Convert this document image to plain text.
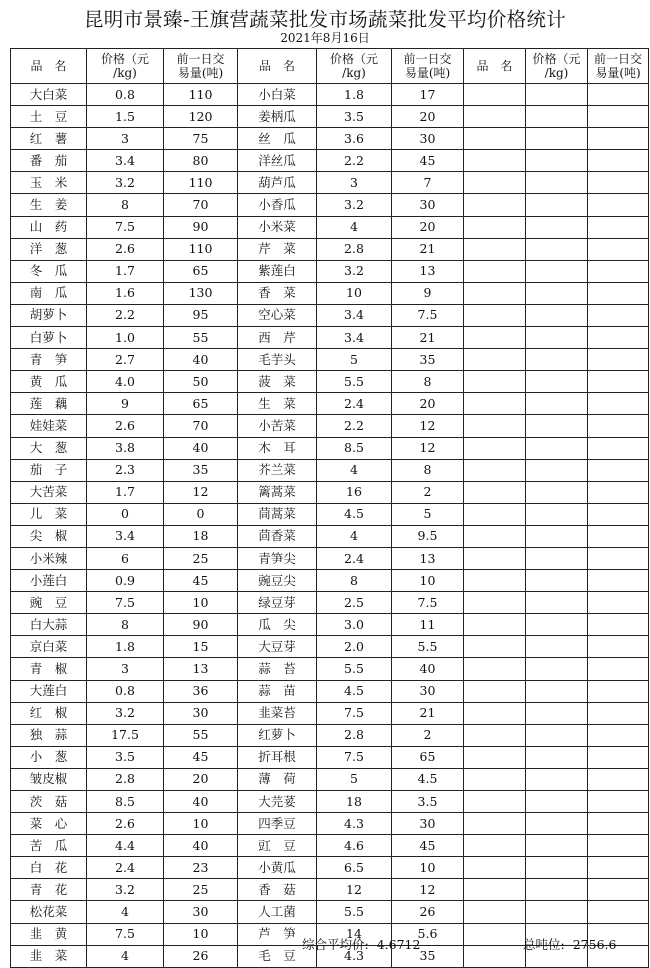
昆明市景臻-王旗营蔬菜批发市场蔬菜批发平均价格统计
2021年8月16日
品　名	价格（元
/kg)	前一日交
易量(吨)	品　名	价格（元
/kg)	前一日交
易量(吨)	品　名	价格（元
/kg)	前一日交
易量(吨)
大白菜	0.8	110	小白菜	1.8	17			
土　豆	1.5	120	姜柄瓜	3.5	20			
红　薯	3	75	丝　瓜	3.6	30			
番　茄	3.4	80	洋丝瓜	2.2	45			
玉　米	3.2	110	葫芦瓜	3	7			
生　姜	8	70	小香瓜	3.2	30			
山　药	7.5	90	小米菜	4	20			
洋　葱	2.6	110	芹　菜	2.8	21			
冬　瓜	1.7	65	紫莲白	3.2	13			
南　瓜	1.6	130	香　菜	10	9			
胡萝卜	2.2	95	空心菜	3.4	7.5			
白萝卜	1.0	55	西　芹	3.4	21			
青　笋	2.7	40	毛芋头	5	35			
黄　瓜	4.0	50	菠　菜	5.5	8			
莲　藕	9	65	生　菜	2.4	20			
娃娃菜	2.6	70	小苦菜	2.2	12			
大　葱	3.8	40	木　耳	8.5	12			
茄　子	2.3	35	芥兰菜	4	8			
大苦菜	1.7	12	篱蒿菜	16	2			
儿　菜	0	0	茼蒿菜	4.5	5			
尖　椒	3.4	18	茴香菜	4	9.5			
小米辣	6	25	青笋尖	2.4	13			
小莲白	0.9	45	豌豆尖	8	10			
豌　豆	7.5	10	绿豆芽	2.5	7.5			
白大蒜	8	90	瓜　尖	3.0	11			
京白菜	1.8	15	大豆芽	2.0	5.5			
青　椒	3	13	蒜　苔	5.5	40			
大莲白	0.8	36	蒜　苗	4.5	30			
红　椒	3.2	30	韭菜苔	7.5	21			
独　蒜	17.5	55	红萝卜	2.8	2			
小　葱	3.5	45	折耳根	7.5	65			
皱皮椒	2.8	20	薄　荷	5	4.5			
茨　菇	8.5	40	大芫荽	18	3.5			
菜　心	2.6	10	四季豆	4.3	30			
苦　瓜	4.4	40	豇　豆	4.6	45			
白　花	2.4	23	小黄瓜	6.5	10			
青　花	3.2	25	香　菇	12	12			
松花菜	4	30	人工菌	5.5	26			
韭　黄	7.5	10	芦　笋	14	5.6			
韭　菜	4	26	毛　豆	4.3	35			
综合平均价: 4.6712	总吨位: 2756.6
